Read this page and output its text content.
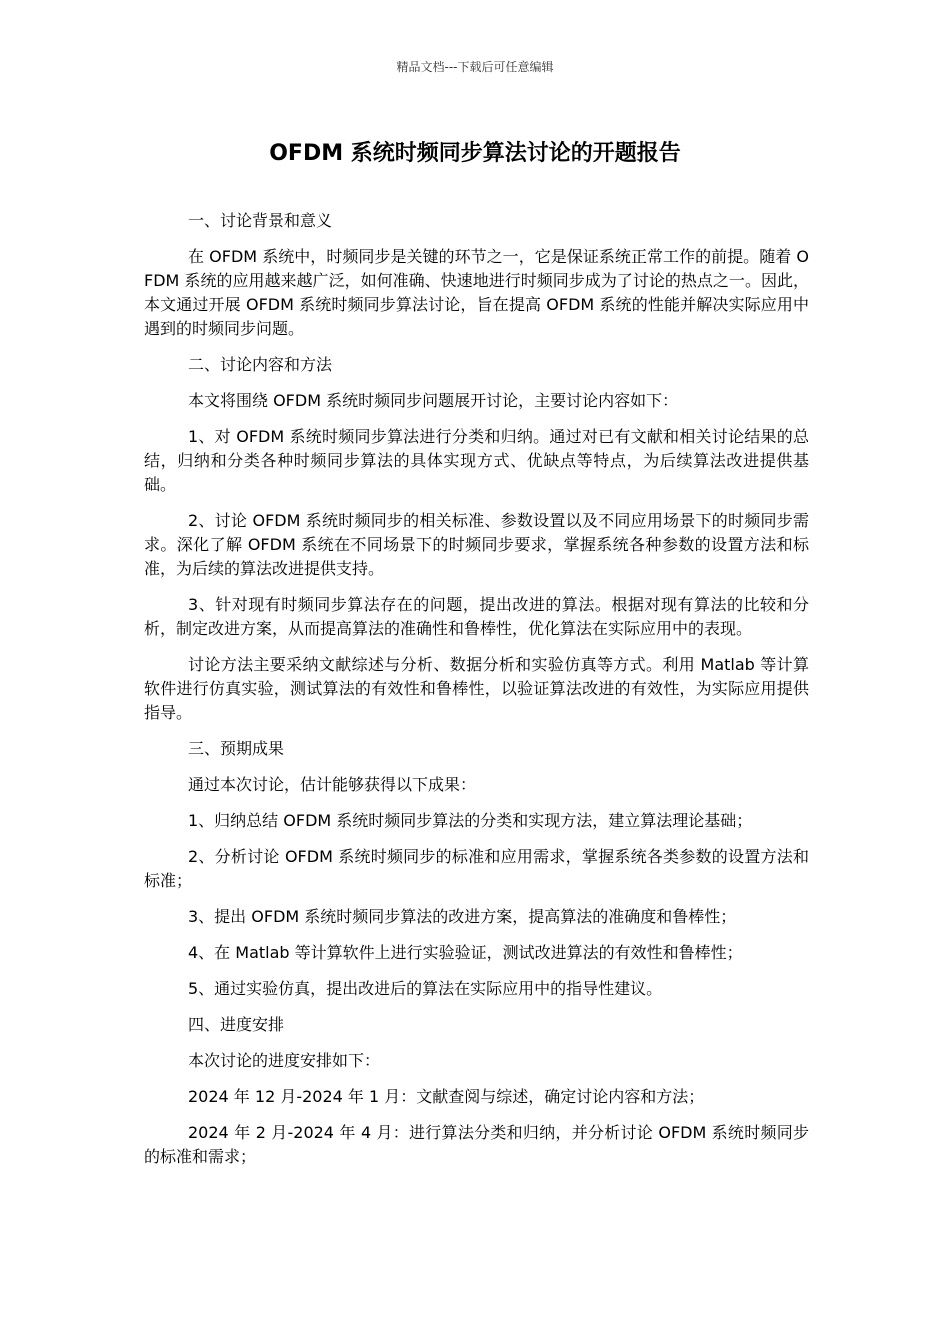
精品文档---下载后可任意编辑
OFDM 系统时频同步算法讨论的开题报告

一、讨论背景和意义

在 OFDM 系统中，时频同步是关键的环节之一，它是保证系统正常工作的前提。随着 OFDM 系统的应用越来越广泛，如何准确、快速地进行时频同步成为了讨论的热点之一。因此，本文通过开展 OFDM 系统时频同步算法讨论，旨在提高 OFDM 系统的性能并解决实际应用中遇到的时频同步问题。

二、讨论内容和方法

本文将围绕 OFDM 系统时频同步问题展开讨论，主要讨论内容如下：

1、对 OFDM 系统时频同步算法进行分类和归纳。通过对已有文献和相关讨论结果的总结，归纳和分类各种时频同步算法的具体实现方式、优缺点等特点，为后续算法改进提供基础。

2、讨论 OFDM 系统时频同步的相关标准、参数设置以及不同应用场景下的时频同步需求。深化了解 OFDM 系统在不同场景下的时频同步要求，掌握系统各种参数的设置方法和标准，为后续的算法改进提供支持。

3、针对现有时频同步算法存在的问题，提出改进的算法。根据对现有算法的比较和分析，制定改进方案，从而提高算法的准确性和鲁棒性，优化算法在实际应用中的表现。

讨论方法主要采纳文献综述与分析、数据分析和实验仿真等方式。利用 Matlab 等计算软件进行仿真实验，测试算法的有效性和鲁棒性，以验证算法改进的有效性，为实际应用提供指导。

三、预期成果

通过本次讨论，估计能够获得以下成果：

1、归纳总结 OFDM 系统时频同步算法的分类和实现方法，建立算法理论基础；

2、分析讨论 OFDM 系统时频同步的标准和应用需求，掌握系统各类参数的设置方法和标准；

3、提出 OFDM 系统时频同步算法的改进方案，提高算法的准确度和鲁棒性；

4、在 Matlab 等计算软件上进行实验验证，测试改进算法的有效性和鲁棒性；

5、通过实验仿真，提出改进后的算法在实际应用中的指导性建议。

四、进度安排

本次讨论的进度安排如下：

2024 年 12 月-2024 年 1 月：文献查阅与综述，确定讨论内容和方法；

2024 年 2 月-2024 年 4 月：进行算法分类和归纳，并分析讨论 OFDM 系统时频同步的标准和需求；
